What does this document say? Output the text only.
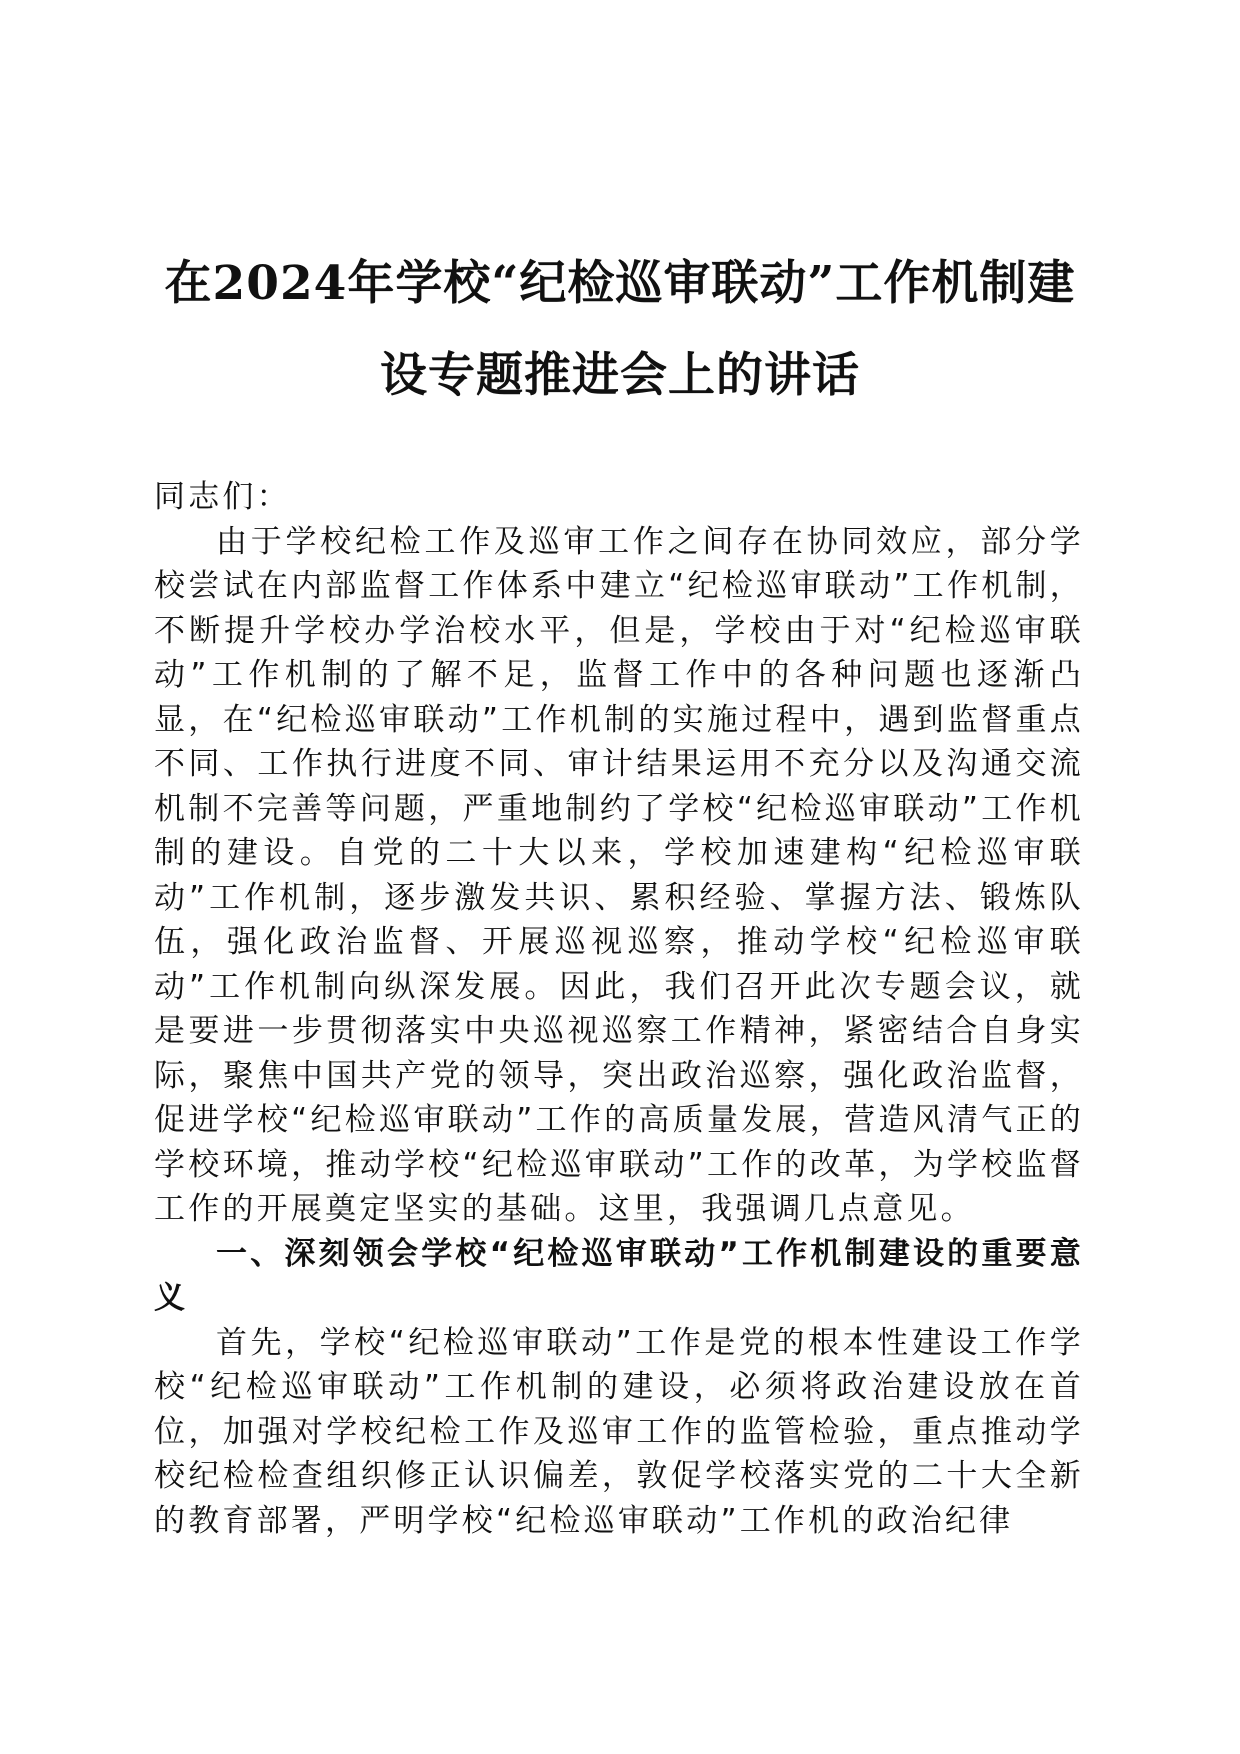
在2024年学校“纪检巡审联动”工作机制建
设专题推进会上的讲话

同志们：

由于学校纪检工作及巡审工作之间存在协同效应，部分学校尝试在内部监督工作体系中建立“纪检巡审联动”工作机制，不断提升学校办学治校水平，但是，学校由于对“纪检巡审联动”工作机制的了解不足，监督工作中的各种问题也逐渐凸显，在“纪检巡审联动”工作机制的实施过程中，遇到监督重点不同、工作执行进度不同、审计结果运用不充分以及沟通交流机制不完善等问题，严重地制约了学校“纪检巡审联动”工作机制的建设。自党的二十大以来，学校加速建构“纪检巡审联动”工作机制，逐步激发共识、累积经验、掌握方法、锻炼队伍，强化政治监督、开展巡视巡察，推动学校“纪检巡审联动”工作机制向纵深发展。因此，我们召开此次专题会议，就是要进一步贯彻落实中央巡视巡察工作精神，紧密结合自身实际，聚焦中国共产党的领导，突出政治巡察，强化政治监督，促进学校“纪检巡审联动”工作的高质量发展，营造风清气正的学校环境，推动学校“纪检巡审联动”工作的改革，为学校监督工作的开展奠定坚实的基础。这里，我强调几点意见。

一、深刻领会学校“纪检巡审联动”工作机制建设的重要意义

首先，学校“纪检巡审联动”工作是党的根本性建设工作学校“纪检巡审联动”工作机制的建设，必须将政治建设放在首位，加强对学校纪检工作及巡审工作的监管检验，重点推动学校纪检检查组织修正认识偏差，敦促学校落实党的二十大全新的教育部署，严明学校“纪检巡审联动”工作机的政治纪律
